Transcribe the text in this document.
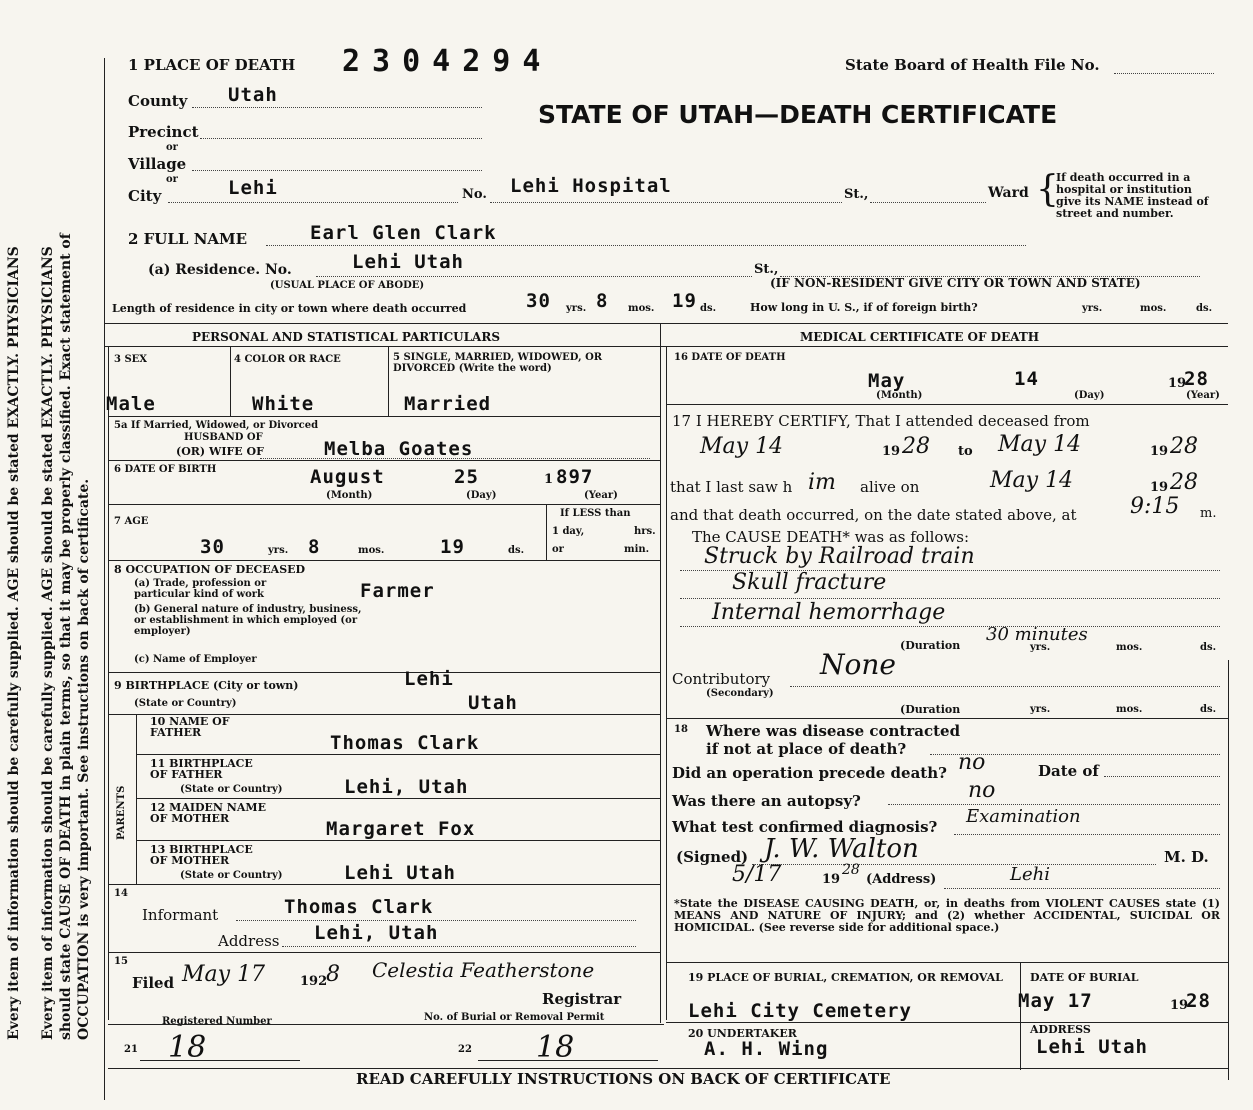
Every item of information should be carefully supplied. AGE should be stated EXACTLY. PHYSICIANS Every item of information should be carefully supplied. AGE should be stated EXACTLY. PHYSICIANS should state CAUSE OF DEATH in plain terms, so that it may be properly classified. Exact statement of OCCUPATION is very important. See instructions on back of certificate.
1 PLACE OF DEATH 2304294	State Board of Health File No.
STATE OF UTAH—DEATH CERTIFICATE
County Utah
Precinct
or
Village
or
City	Lehi	No. Lehi Hospital	St.,	Ward {
If death occurred in a hospital or institution give its NAME instead of street and number.
2 FULL NAME	Earl Glen Clark
(a) Residence. No.	Lehi Utah	St.,
(USUAL PLACE OF ABODE)	(IF NON-RESIDENT GIVE CITY OR TOWN AND STATE)
Length of residence in city or town where death occurred	30 yrs. 8 mos. 19 ds.	How long in U. S., if of foreign birth?	yrs.	mos.	ds.
PERSONAL AND STATISTICAL PARTICULARS
3 SEX	4 COLOR OR RACE	5 SINGLE, MARRIED, WIDOWED, OR DIVORCED (Write the word)
Male	White	Married
5a If Married, Widowed, or Divorced
HUSBAND OF
(OR) WIFE OF	Melba Goates
6 DATE OF BIRTH	August	25	1 897
(Month)	(Day)	(Year)
7 AGE
30	yrs. 8	mos.	19	ds.
If LESS than
1 day,	hrs.
or	min.
8 OCCUPATION OF DECEASED
(a) Trade, profession or particular kind of work	Farmer
(b) General nature of industry, business, or establishment in which employed (or employer)
(c) Name of Employer
9 BIRTHPLACE (City or town)	Lehi
(State or Country)	Utah
PARENTS
10 NAME OF FATHER	Thomas Clark
11 BIRTHPLACE OF FATHER
(State or Country)	Lehi, Utah
12 MAIDEN NAME OF MOTHER	Margaret Fox
13 BIRTHPLACE OF MOTHER
(State or Country)	Lehi Utah
14
Informant	Thomas Clark
Address Lehi, Utah
15
Filed May 17	192
8 Celestia Featherstone
Registrar
Registered Number	No. of Burial or Removal Permit
21 18	22 18
MEDICAL CERTIFICATE OF DEATH
16 DATE OF DEATH
May	14	19
28
(Month)	(Day)	(Year)
17 I HEREBY CERTIFY, That I attended deceased from
May 14	19 28 to May 14	19 28
that I last saw h im alive on	May 14	19 28
and that death occurred, on the date stated above, at 9:15 m.
The CAUSE DEATH* was as follows:
Struck by Railroad train
Skull fracture
Internal hemorrhage
(Duration
30 minutes
yrs.	mos.	ds.
Contributory
(Secondary)
None
(Duration	yrs.	mos.	ds.
18 Where was disease contracted
if not at place of death?
Did an operation precede death? no	Date of
Was there an autopsy?	no
What test confirmed diagnosis? Examination
(Signed) J. W. Walton	M. D.
5/17	19
28
(Address)	Lehi
*State the DISEASE CAUSING DEATH, or, in deaths from VIOLENT CAUSES state (1) MEANS AND NATURE OF INJURY; and (2) whether ACCIDENTAL, SUICIDAL OR HOMICIDAL. (See reverse side for additional space.)
19 PLACE OF BURIAL, CREMATION, OR REMOVAL
Lehi City Cemetery
DATE OF BURIAL
May 17	19
28
20 UNDERTAKER
A. H. Wing
ADDRESS
Lehi Utah
READ CAREFULLY INSTRUCTIONS ON BACK OF CERTIFICATE
